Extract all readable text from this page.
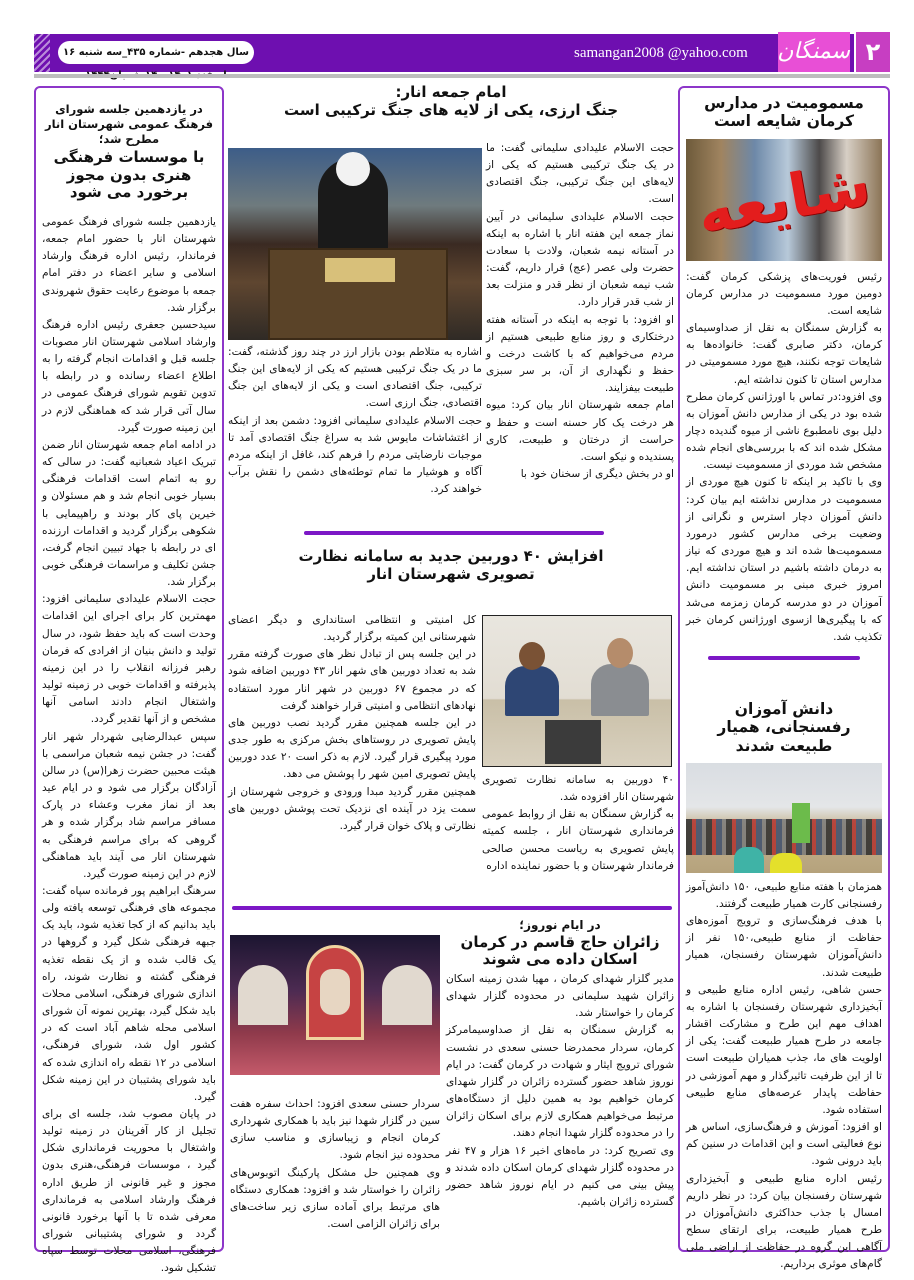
سال هجدهم -شماره ۴۳۵_سه شنبه ۱۶	samangan2008 @yahoo.com	سمنگان ۲
مسمومیت در مدارس کرمان شایعه است
شایعه

رئیس فوریت‌های پزشکی کرمان گفت: دومین مورد مسمومیت در مدارس کرمان شایعه است.

به گزارش سمنگان به نقل از صداوسیمای کرمان، دکتر صابری گفت: خانواده‌ها به شایعات توجه نکنند، هیچ مورد مسمومیتی در مدارس استان تا کنون نداشته ایم.

وی افزود:در تماس با اورژانس کرمان مطرح شده بود در یکی از مدارس دانش آموزان به دلیل بوی نامطبوع ناشی از میوه گندیده دچار مشکل شده اند که با بررسی‌های انجام شده مشخص شد موردی از مسمومیت نیست.

وی با تاکید بر اینکه تا کنون هیچ موردی از مسمومیت در مدارس نداشته ایم بیان کرد: دانش آموزان دچار استرس و نگرانی از وضعیت برخی مدارس کشور درمورد مسمومیت‌ها شده اند و هیچ موردی که نیاز به درمان داشته باشیم در استان نداشته ایم. امروز خبری مبنی بر مسمومیت دانش آموزان در دو مدرسه کرمان زمزمه می‌شد که با پیگیری‌ها ازسوی اورژانس کرمان خبر تکذیب شد.

دانش آموزان رفسنجانی، همیار طبیعت شدند

همزمان با هفته منابع طبیعی، ۱۵۰ دانش‌آموز رفسنجانی کارت همیار طبیعت گرفتند.

با هدف فرهنگ‌سازی و ترویج آموزه‌های حفاظت از منابع طبیعی،۱۵۰ نفر از دانش‌آموزان شهرستان رفسنجان، همیار طبیعت شدند.

حسن شاهی، رئیس اداره منابع طبیعی و آبخیزداری شهرستان رفسنجان با اشاره به اهداف مهم این طرح و مشارکت اقشار جامعه در طرح همیار طبیعت گفت: یکی از اولویت های ما، جذب همیاران طبیعت است تا از این ظرفیت تاثیرگذار و مهم آموزشی در حفاظت پایدار عرصه‌های منابع طبیعی استفاده شود.

او افزود: آموزش و فرهنگ‌سازی، اساس هر نوع فعالیتی است و این اقدامات در سنین کم باید درونی شود.

رئیس اداره منابع طبیعی و آبخیزداری شهرستان رفسنجان بیان کرد: در نظر داریم امسال با جذب حداکثری دانش‌آموزان در طرح همیار طبیعت، برای ارتقای سطح آگاهی این گروه در حفاظت از اراضی ملی گام‌های موثری برداریم.

امام جمعه انار:
جنگ ارزی، یکی از لایه های جنگ ترکیبی است

حجت الاسلام علیدادی سلیمانی گفت: ما در یک جنگ ترکیبی هستیم که یکی از لایه‌های این جنگ ترکیبی، جنگ اقتصادی است.

حجت الاسلام علیدادی سلیمانی در آیین نماز جمعه این هفته انار با اشاره به اینکه در آستانه نیمه شعبان، ولادت با سعادت حضرت ولی عصر (عج) قرار داریم، گفت: شب نیمه شعبان از نظر قدر و منزلت بعد از شب قدر قرار دارد.

او افزود: با توجه به اینکه در آستانه هفته درختکاری و روز منابع طبیعی هستیم از مردم می‌خواهیم که با کاشت درخت و حفظ و نگهداری از آن، بر سر سبزی طبیعت بیفزایند.

امام جمعه شهرستان انار بیان کرد: میوه هر درخت یک کار حسنه است و حفظ و حراست از درختان و طبیعت، کاری پسندیده و نیکو است.

او در بخش دیگری از سخنان خود با

اشاره به متلاطم بودن بازار ارز در چند روز گذشته، گفت: ما در یک جنگ ترکیبی هستیم که یکی از لایه‌های این جنگ ترکیبی، جنگ اقتصادی است و یکی از لایه‌های این جنگ اقتصادی، جنگ ارزی است.

حجت الاسلام علیدادی سلیمانی افزود: دشمن بعد از اینکه از اغتشاشات مایوس شد به سراغ جنگ اقتصادی آمد تا موجبات نارضایتی مردم را فرهم کند، غافل از اینکه مردم آگاه و هوشیار ما تمام توطئه‌های دشمن را نقش برآب خواهند کرد.

افزایش ۴۰ دوربین جدید به سامانه نظارت تصویری شهرستان انار

۴۰ دوربین به سامانه نظارت تصویری شهرستان انار افزوده شد.

به گزارش سمنگان به نقل از روابط عمومی فرمانداری شهرستان انار ، جلسه کمیته پایش تصویری به ریاست محسن صالحی فرماندار شهرستان و با حضور نماینده اداره

کل امنیتی و انتظامی استانداری و دیگر اعضای شهرستانی این کمیته برگزار گردید.

در این جلسه پس از تبادل نظر های صورت گرفته مقرر شد به تعداد دوربین های شهر انار ۴۳ دوربین اضافه شود که در مجموع ۶۷ دوربین در شهر انار مورد استفاده نهادهای انتظامی و امنیتی قرار خواهند گرفت

در این جلسه همچنین مقرر گردید نصب دوربین های پایش تصویری در روستاهای بخش مرکزی به طور جدی مورد پیگیری قرار گیرد. لازم به ذکر است ۲۰ عدد دوربین پایش تصویری امین شهر را پوشش می دهد.

همچنین مقرر گردید مبدا ورودی و خروجی شهرستان از سمت یزد در آینده ای نزدیک تحت پوشش دوربین های نظارتی و پلاک خوان قرار گیرد.

در ایام نوروز؛
زائران حاج قاسم در کرمان اسکان داده می شوند

مدیر گلزار شهدای کرمان ، مهیا شدن زمینه اسکان زائران شهید سلیمانی در محدوده گلزار شهدای کرمان را خواستار شد.

به گزارش سمنگان به نقل از صداوسیمامرکز کرمان، سردار محمدرضا حسنی سعدی در نشست شورای ترویج ایثار و شهادت در کرمان گفت: در ایام نوروز شاهد حضور گسترده زائران در گلزار شهدای کرمان خواهیم بود به همین دلیل از دستگاه‌های مرتبط می‌خواهیم همکاری لازم برای اسکان زائران را در محدوده گلزار شهدا انجام دهند.

وی تصریح کرد: در ماه‌های اخیر ۱۶ هزار و ۴۷ نفر در محدوده گلزار شهدای کرمان اسکان داده شدند و پیش بینی می کنیم در ایام نوروز شاهد حضور گسترده زائران باشیم.

سردار حسنی سعدی افزود: احداث سفره هفت سین در گلزار شهدا نیز باید با همکاری شهرداری کرمان انجام و زیباسازی و مناسب سازی محدوده نیز انجام شود.

وی همچنین حل مشکل پارکینگ اتوبوس‌های زائران را خواستار شد و افزود: همکاری دستگاه های مرتبط برای آماده سازی زیر ساخت‌های برای زائران الزامی است.

در یازدهمین جلسه شورای فرهنگ عمومی شهرستان انار مطرح شد؛
با موسسات فرهنگی هنری بدون مجوز برخورد می شود

یازدهمین جلسه شورای فرهنگ عمومی شهرستان انار با حضور امام جمعه، فرماندار، رئیس اداره فرهنگ وارشاد اسلامی و سایر اعضاء در دفتر امام جمعه با موضوع رعایت حقوق شهروندی برگزار شد.

سیدحسین جعفری رئیس اداره فرهنگ وارشاد اسلامی شهرستان انار مصوبات جلسه قبل و اقدامات انجام گرفته را به اطلاع اعضاء رسانده و در رابطه با تدوین تقویم شورای فرهنگ عمومی در سال آتی قرار شد که هماهنگی لازم در این زمینه صورت گیرد.

در ادامه امام جمعه شهرستان انار ضمن تبریک اعیاد شعبانیه گفت: در سالی که رو به اتمام است اقدامات فرهنگی بسیار خوبی انجام شد و هم مسئولان و خیرین پای کار بودند و راهپیمایی با شکوهی برگزار گردید و اقدامات ارزنده ای در رابطه با جهاد تبیین انجام گرفت، جشن تکلیف و مراسمات فرهنگی خوبی برگزار شد.

حجت الاسلام علیدادی سلیمانی افزود: مهمترین کار برای اجرای این اقدامات وحدت است که باید حفظ شود، در سال تولید و دانش بنیان از افرادی که فرمان رهبر فرزانه انقلاب را در این زمینه پذیرفته و اقدامات خوبی در زمینه تولید واشتغال انجام دادند اسامی آنها مشخص و از آنها تقدیر گردد.

سپس عبدالرضایی شهردار شهر انار گفت: در جشن نیمه شعبان مراسمی با هیئت محبین حضرت زهرا(س) در سالن آزادگان برگزار می شود و در ایام عید بعد از نماز مغرب وعشاء در پارک مسافر مراسم شاد برگزار شده و هر گروهی که برای مراسم فرهنگی به شهرستان انار می آیند باید هماهنگی لازم در این زمینه صورت گیرد.

سرهنگ ابراهیم پور فرمانده سپاه گفت: مجموعه های فرهنگی توسعه یافته ولی باید بدانیم که از کجا تغذیه شود، باید یک جبهه فرهنگی شکل گیرد و گروهها در یک قالب شده و از یک نقطه تغذیه فرهنگی گشته و نظارت شوند، راه اندازی شورای فرهنگی، اسلامی محلات باید شکل گیرد، بهترین نمونه آن شورای اسلامی محله شاهم آباد است که در کشور اول شد، شورای فرهنگی، اسلامی در ۱۲ نقطه راه اندازی شده که باید شورای پشتیبان در این زمینه شکل گیرد.

در پایان مصوب شد، جلسه ای برای تجلیل از کار آفرینان در زمینه تولید واشتغال با محوریت فرمانداری شکل گیرد ، موسسات فرهنگی،هنری بدون مجوز و غیر قانونی از طریق اداره فرهنگ وارشاد اسلامی به فرمانداری معرفی شده تا با آنها برخورد قانونی گردد و شورای پشتیبانی شورای فرهنگی، اسلامی محلات توسط سپاه تشکیل شود.
